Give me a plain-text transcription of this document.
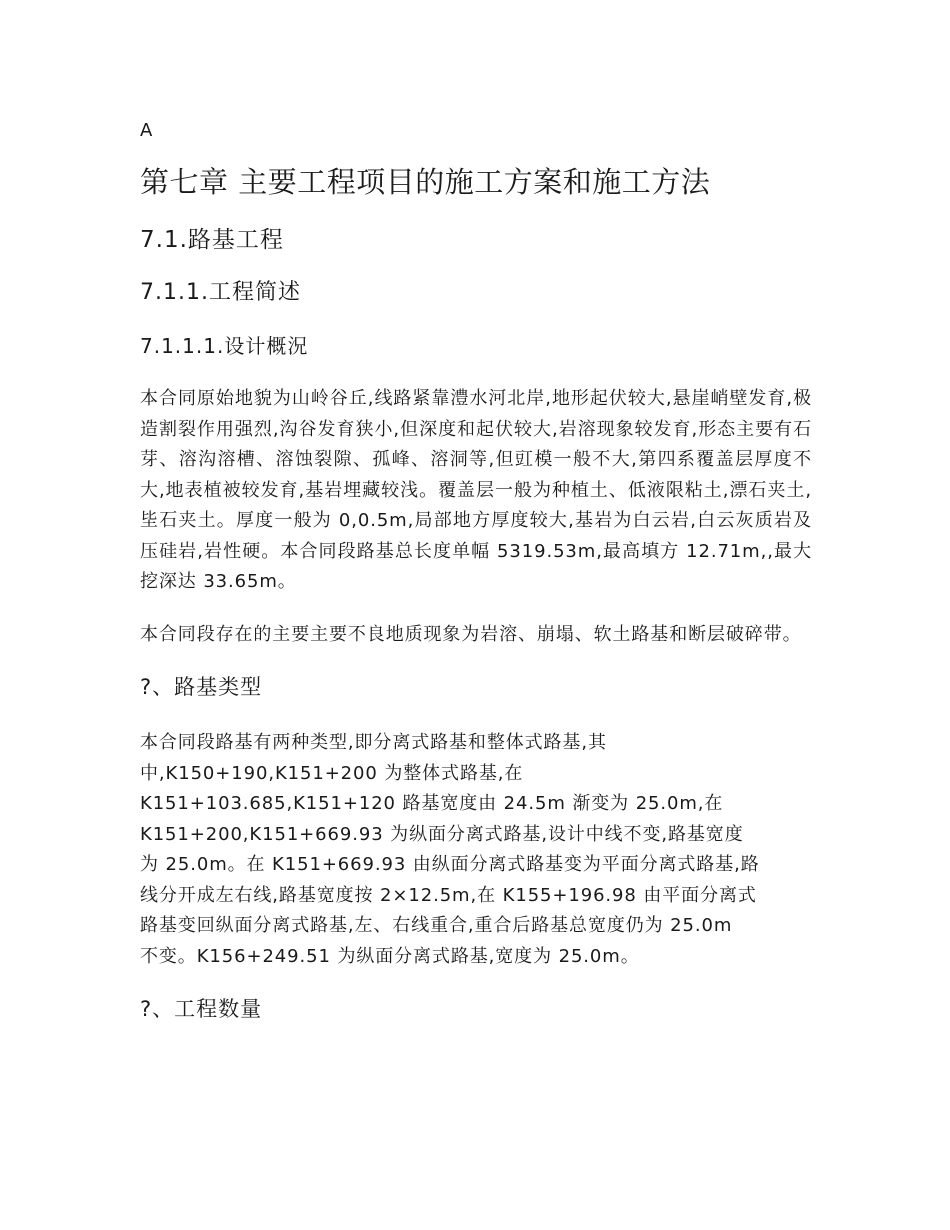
A
第七章 主要工程项目的施工方案和施工方法
7.1.路基工程
7.1.1.工程简述
7.1.1.1.设计概況

本合同原始地貌为山岭谷丘,线路紧靠澧水河北岸,地形起伏较大,悬崖峭壁发育,极造割裂作用强烈,沟谷发育狭小,但深度和起伏较大,岩溶现象较发育,形态主要有石芽、溶沟溶槽、溶蚀裂隙、孤峰、溶洞等,但豇模一般不大,第四系覆盖层厚度不大,地表植被较发育,基岩埋藏较浅。覆盖层一般为种植土、低液限粘土,漂石夹土,坒石夹土。厚度一般为 0,0.5m,局部地方厚度较大,基岩为白云岩,白云灰质岩及压硅岩,岩性硬。本合同段路基总长度单幅 5319.53m,最高填方 12.71m,,最大挖深达 33.65m。

本合同段存在的主要主要不良地质现象为岩溶、崩塌、软土路基和断层破碎带。

?、路基类型

本合同段路基有两种类型,即分离式路基和整体式路基,其
中,K150+190,K151+200 为整体式路基,在
K151+103.685,K151+120 路基宽度由 24.5m 渐变为 25.0m,在
K151+200,K151+669.93 为纵面分离式路基,设计中线不变,路基宽度
为 25.0m。在 K151+669.93 由纵面分离式路基变为平面分离式路基,路
线分开成左右线,路基宽度按 2×12.5m,在 K155+196.98 由平面分离式
路基变回纵面分离式路基,左、右线重合,重合后路基总宽度仍为 25.0m
不变。K156+249.51 为纵面分离式路基,宽度为 25.0m。

?、工程数量
